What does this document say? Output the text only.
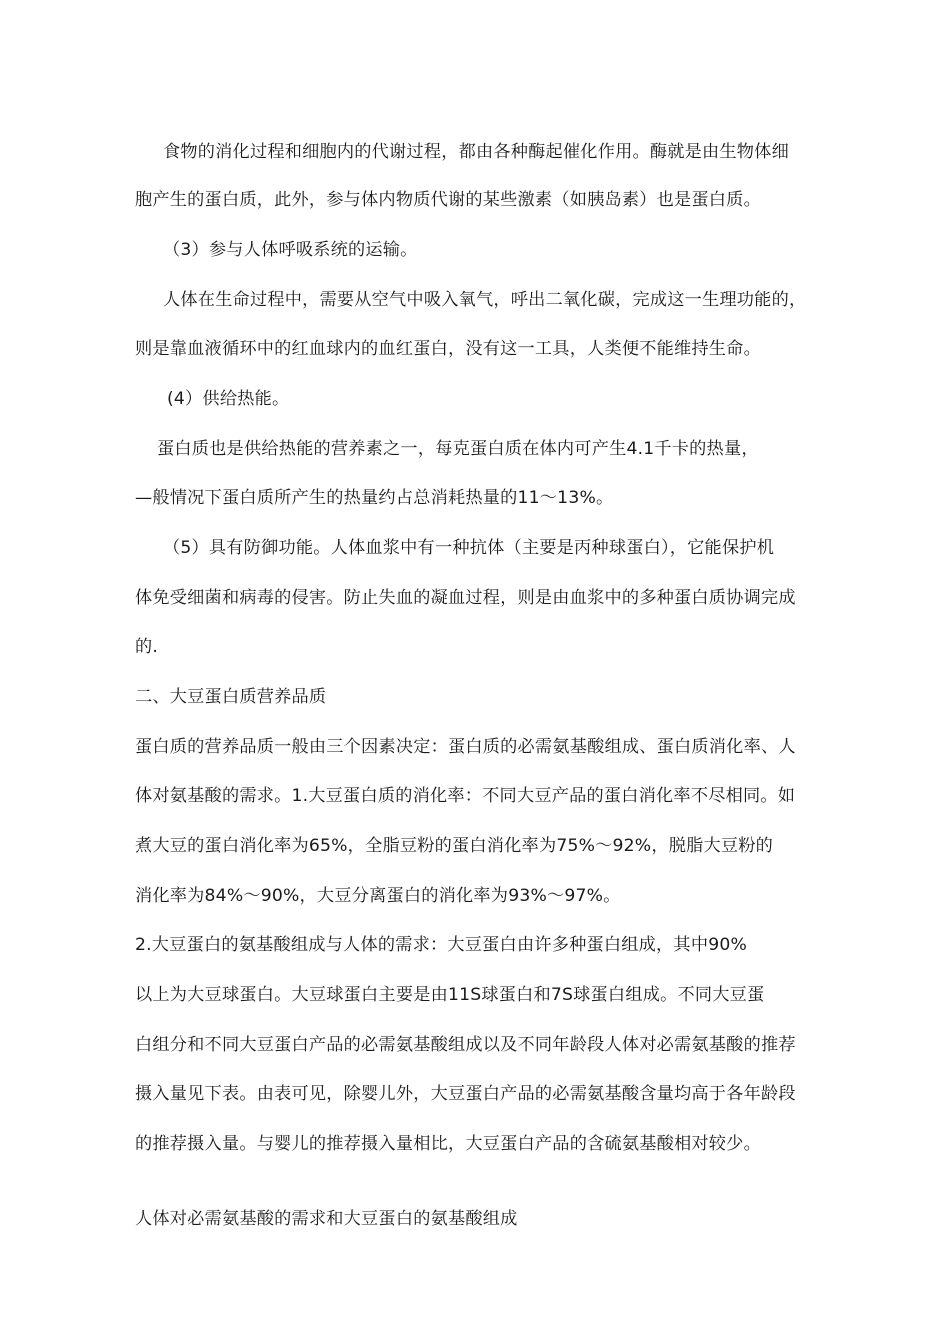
食物的消化过程和细胞内的代谢过程，都由各种酶起催化作用。酶就是由生物体细
胞产生的蛋白质，此外，参与体内物质代谢的某些激素（如胰岛素）也是蛋白质。
（3）参与人体呼吸系统的运输。
人体在生命过程中，需要从空气中吸入氧气，呼出二氧化碳，完成这一生理功能的，
则是靠血液循环中的红血球内的血红蛋白，没有这一工具，人类便不能维持生命。
(4）供给热能。
蛋白质也是供给热能的营养素之一，每克蛋白质在体内可产生4.1千卡的热量，
—般情况下蛋白质所产生的热量约占总消耗热量的11〜13%。
（5）具有防御功能。人体血浆中有一种抗体（主要是丙种球蛋白），它能保护机
体免受细菌和病毒的侵害。防止失血的凝血过程，则是由血浆中的多种蛋白质协调完成
的.
二、大豆蛋白质营养品质
蛋白质的营养品质一般由三个因素决定：蛋白质的必需氨基酸组成、蛋白质消化率、人
体对氨基酸的需求。1.大豆蛋白质的消化率：不同大豆产品的蛋白消化率不尽相同。如
煮大豆的蛋白消化率为65%，全脂豆粉的蛋白消化率为75%〜92%，脱脂大豆粉的
消化率为84%〜90%，大豆分离蛋白的消化率为93%〜97%。
2.大豆蛋白的氨基酸组成与人体的需求：大豆蛋白由许多种蛋白组成，其中90%
以上为大豆球蛋白。大豆球蛋白主要是由11S球蛋白和7S球蛋白组成。不同大豆蛋
白组分和不同大豆蛋白产品的必需氨基酸组成以及不同年龄段人体对必需氨基酸的推荐
摄入量见下表。由表可见，除婴儿外，大豆蛋白产品的必需氨基酸含量均高于各年龄段
的推荐摄入量。与婴儿的推荐摄入量相比，大豆蛋白产品的含硫氨基酸相对较少。
人体对必需氨基酸的需求和大豆蛋白的氨基酸组成
